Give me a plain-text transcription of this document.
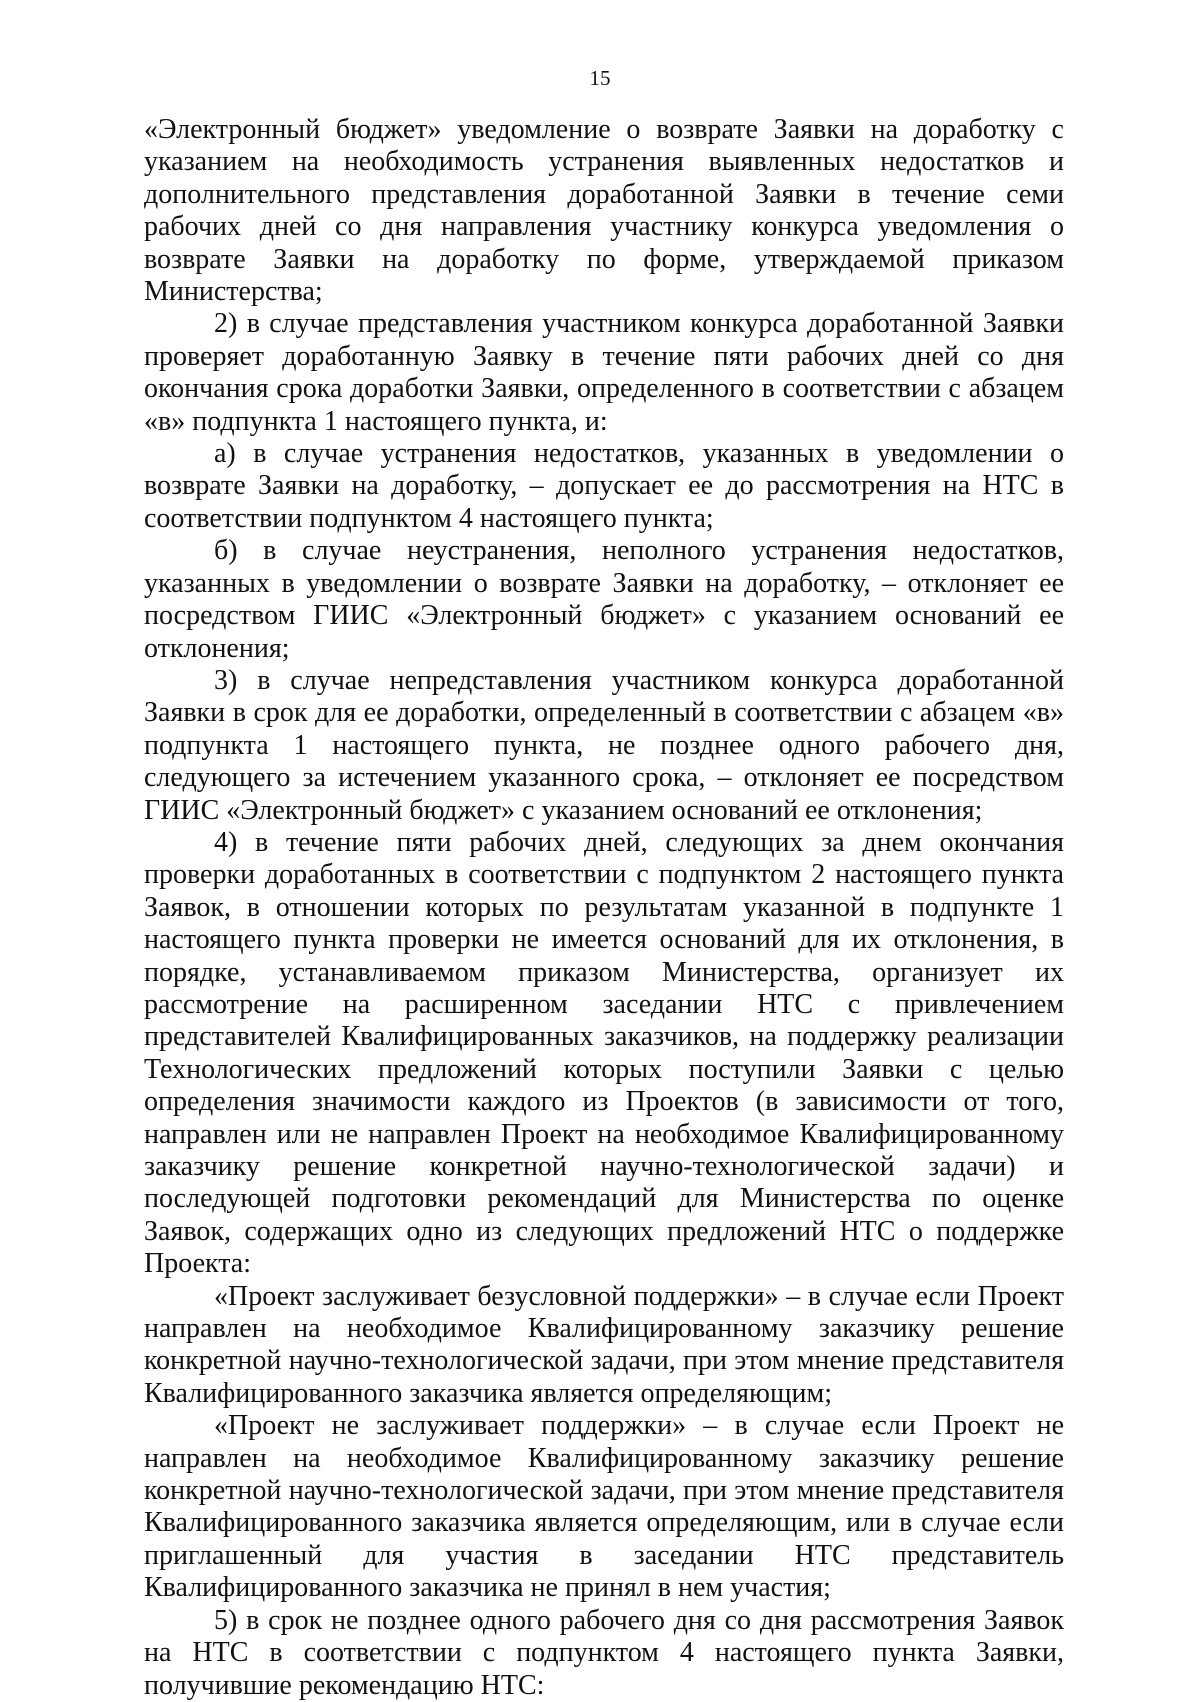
15

«Электронный бюджет» уведомление о возврате Заявки на доработку с указанием на необходимость устранения выявленных недостатков и дополнительного представления доработанной Заявки в течение семи рабочих дней со дня направления участнику конкурса уведомления о возврате Заявки на доработку по форме, утверждаемой приказом Министерства;

2) в случае представления участником конкурса доработанной Заявки проверяет доработанную Заявку в течение пяти рабочих дней со дня окончания срока доработки Заявки, определенного в соответствии с абзацем «в» подпункта 1 настоящего пункта, и:

а) в случае устранения недостатков, указанных в уведомлении о возврате Заявки на доработку, – допускает ее до рассмотрения на НТС в соответствии подпунктом 4 настоящего пункта;

б) в случае неустранения, неполного устранения недостатков, указанных в уведомлении о возврате Заявки на доработку, – отклоняет ее посредством ГИИС «Электронный бюджет» с указанием оснований ее отклонения;

3) в случае непредставления участником конкурса доработанной Заявки в срок для ее доработки, определенный в соответствии с абзацем «в» подпункта 1 настоящего пункта, не позднее одного рабочего дня, следующего за истечением указанного срока, – отклоняет ее посредством ГИИС «Электронный бюджет» с указанием оснований ее отклонения;

4) в течение пяти рабочих дней, следующих за днем окончания проверки доработанных в соответствии с подпунктом 2 настоящего пункта Заявок, в отношении которых по результатам указанной в подпункте 1 настоящего пункта проверки не имеется оснований для их отклонения, в порядке, устанавливаемом приказом Министерства, организует их рассмотрение на расширенном заседании НТС с привлечением представителей Квалифицированных заказчиков, на поддержку реализации Технологических предложений которых поступили Заявки с целью определения значимости каждого из Проектов (в зависимости от того, направлен или не направлен Проект на необходимое Квалифицированному заказчику решение конкретной научно-технологической задачи) и последующей подготовки рекомендаций для Министерства по оценке Заявок, содержащих одно из следующих предложений НТС о поддержке Проекта:

«Проект заслуживает безусловной поддержки» – в случае если Проект направлен на необходимое Квалифицированному заказчику решение конкретной научно-технологической задачи, при этом мнение представителя Квалифицированного заказчика является определяющим;

«Проект не заслуживает поддержки» – в случае если Проект не направлен на необходимое Квалифицированному заказчику решение конкретной научно-технологической задачи, при этом мнение представителя Квалифицированного заказчика является определяющим, или в случае если приглашенный для участия в заседании НТС представитель Квалифицированного заказчика не принял в нем участия;

5) в срок не позднее одного рабочего дня со дня рассмотрения Заявок на НТС в соответствии с подпунктом 4 настоящего пункта Заявки, получившие рекомендацию НТС:
